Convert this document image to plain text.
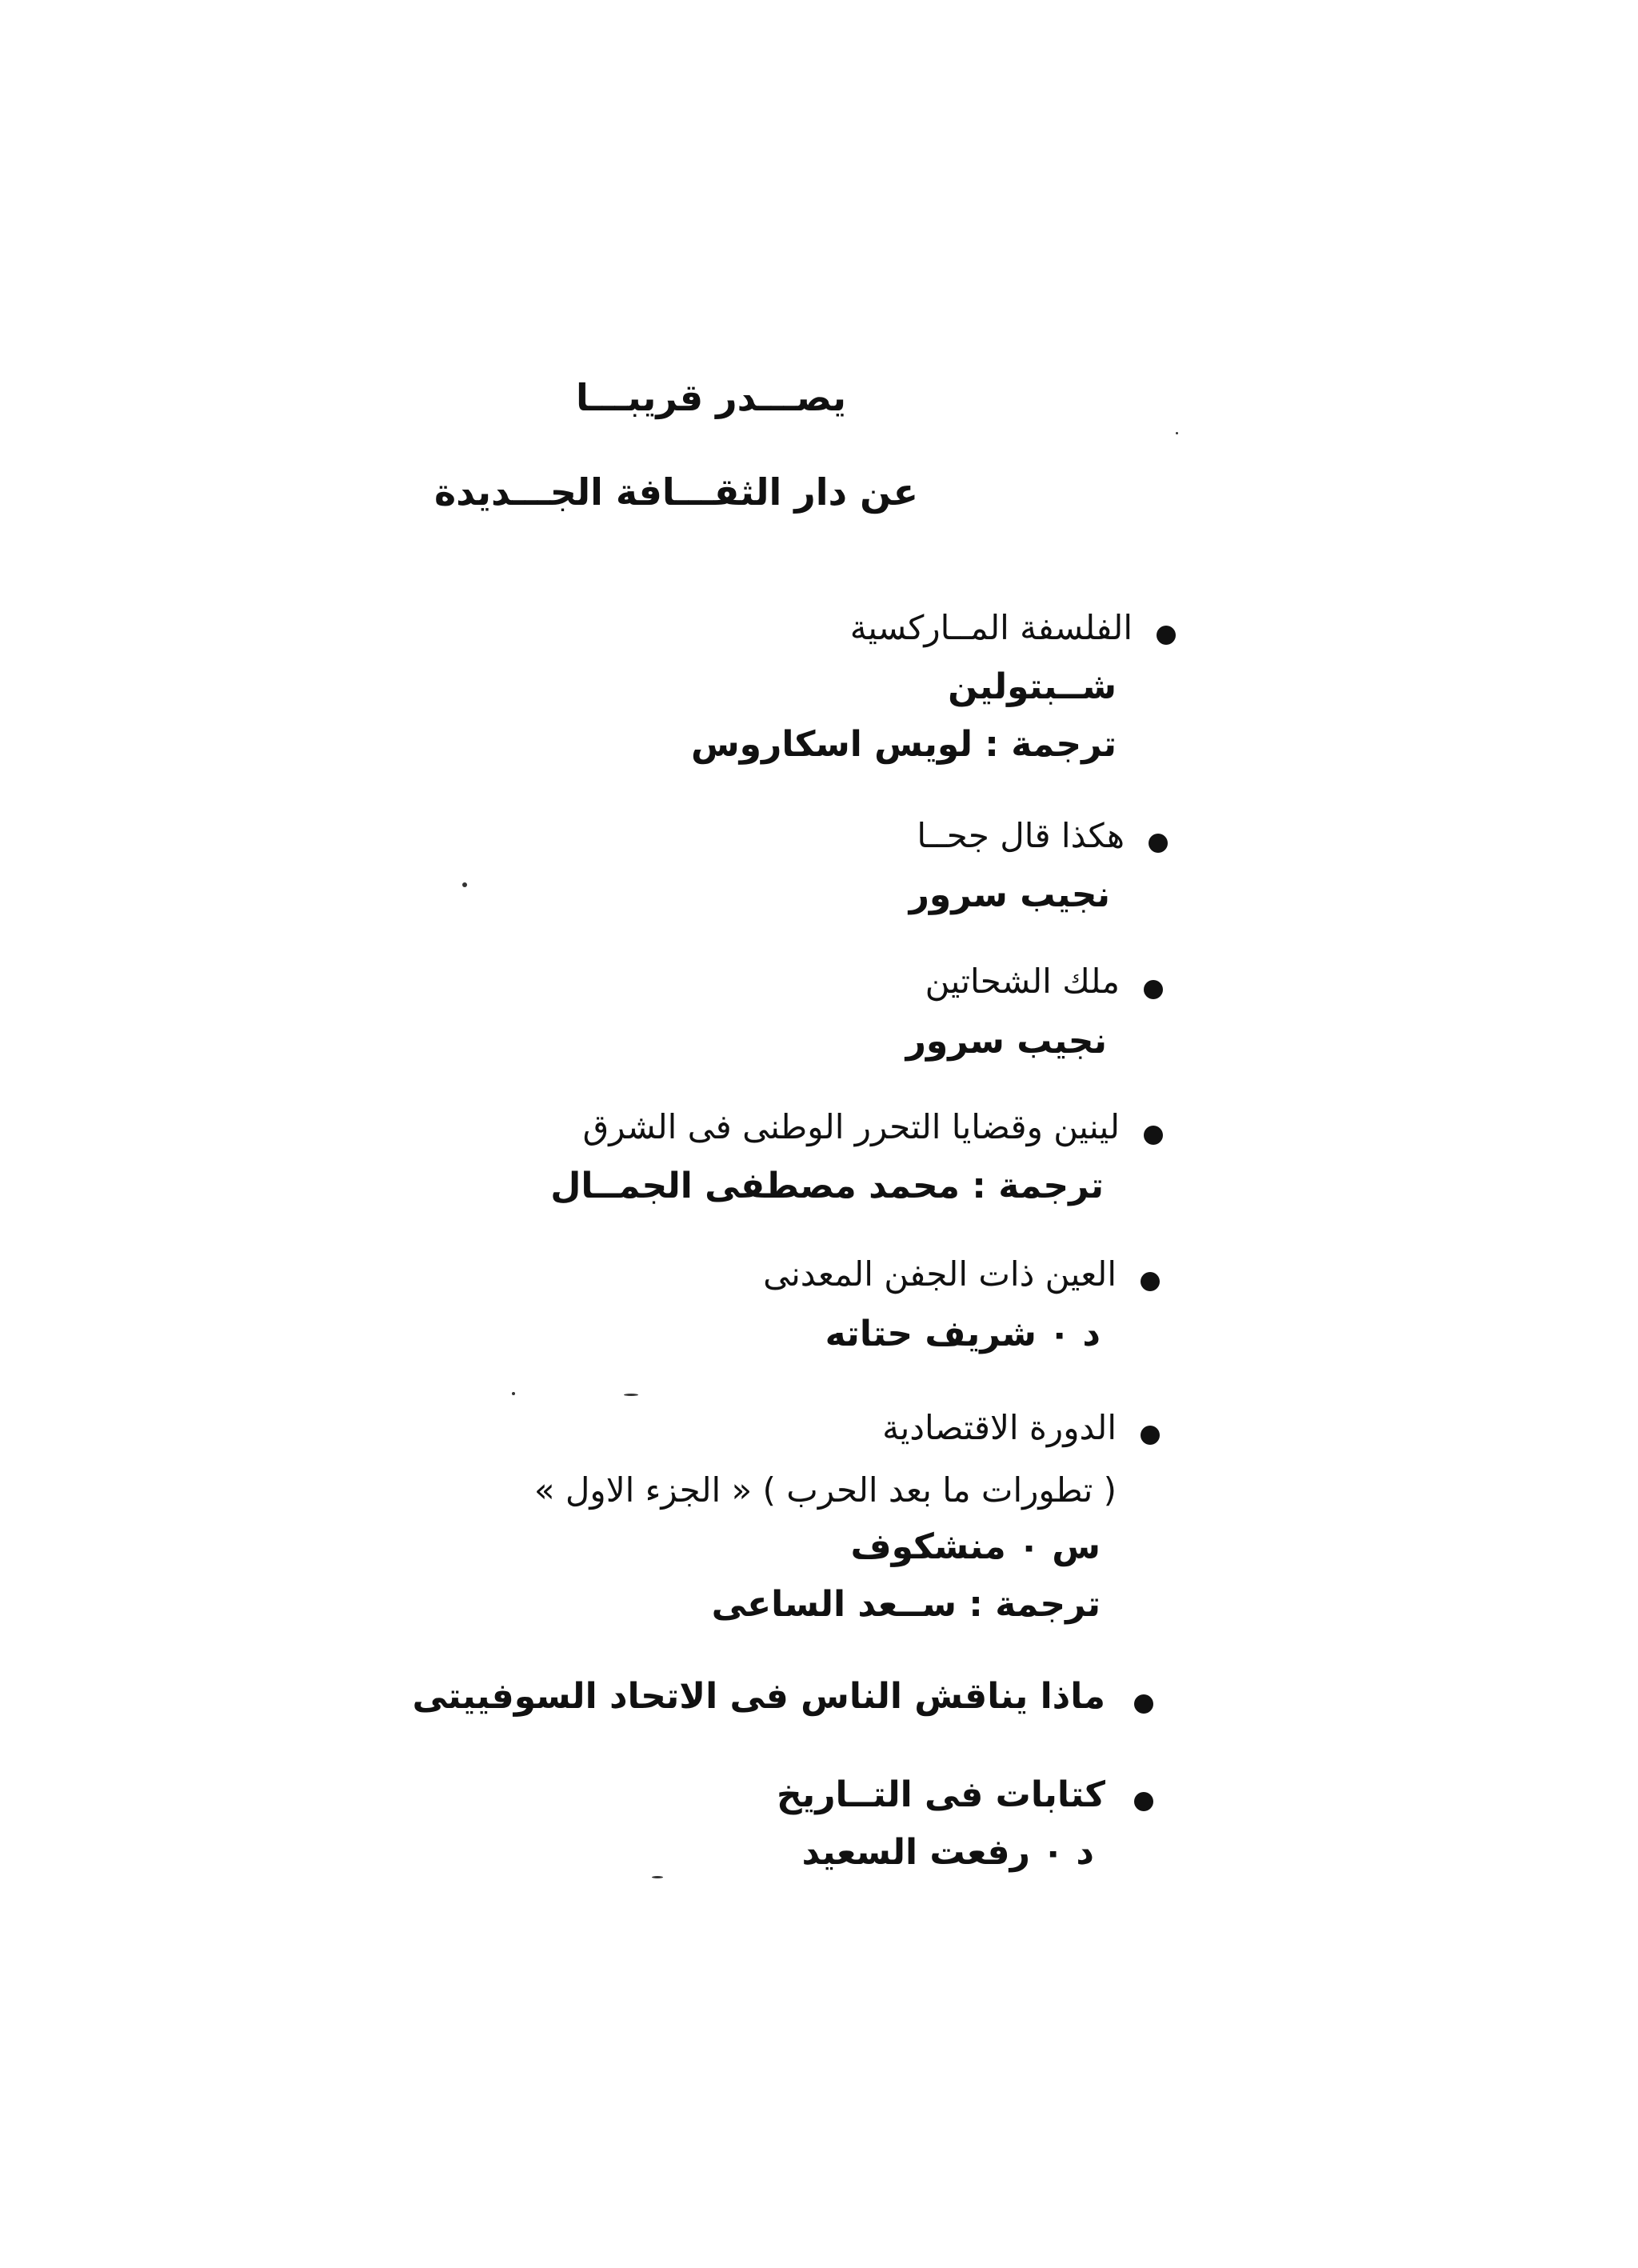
يصـــدر قريبـــا
عن دار الثقـــافة الجـــديدة
الفلسفة المــاركسية
شــبتولين
ترجمة : لويس اسكاروس
هكذا قال جحــا
نجيب سرور
ملك الشحاتين
نجيب سرور
لينين وقضايا التحرر الوطنى فى الشرق
ترجمة : محمد مصطفى الجمــال
العين ذات الجفن المعدنى
د ٠ شريف حتاته
الدورة الاقتصادية
( تطورات ما بعد الحرب ) « الجزء الاول »
س ٠ منشكوف
ترجمة : ســعد الساعى
ماذا يناقش الناس فى الاتحاد السوفييتى
كتابات فى التــاريخ
د ٠ رفعت السعيد
